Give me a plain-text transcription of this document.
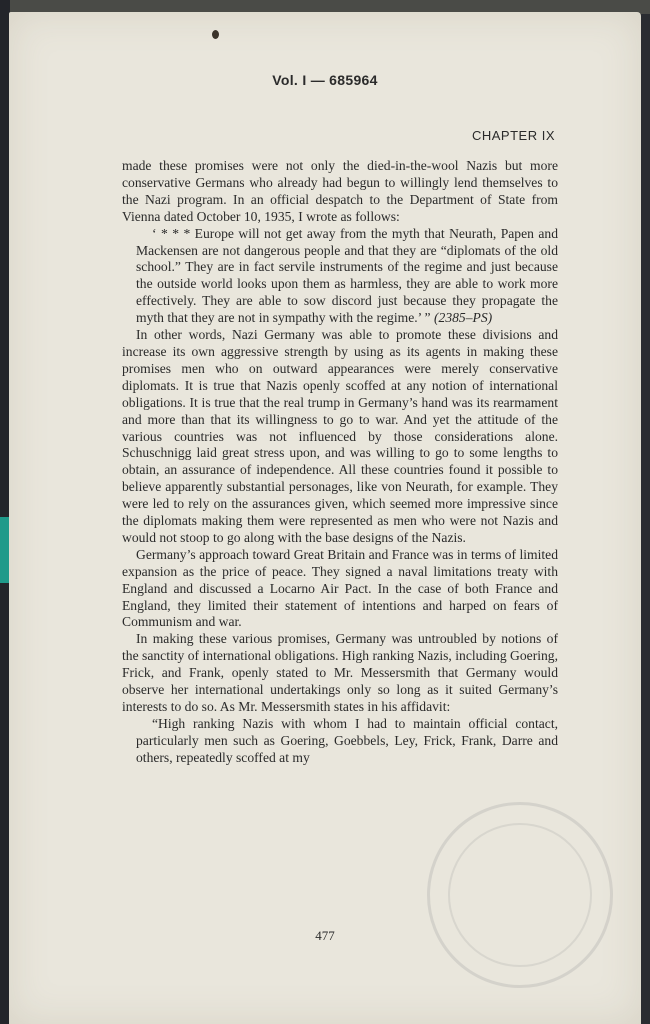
Vol. I — 685964
CHAPTER IX

made these promises were not only the died-in-the-wool Nazis but more conservative Germans who already had begun to willingly lend themselves to the Nazi program. In an official despatch to the Department of State from Vienna dated October 10, 1935, I wrote as follows:

‘ * * * Europe will not get away from the myth that Neurath, Papen and Mackensen are not dangerous people and that they are “diplomats of the old school.” They are in fact servile instruments of the regime and just because the outside world looks upon them as harmless, they are able to work more effectively. They are able to sow discord just because they propagate the myth that they are not in sympathy with the regime.’ ” (2385–PS)

In other words, Nazi Germany was able to promote these divisions and increase its own aggressive strength by using as its agents in making these promises men who on outward appearances were merely conservative diplomats. It is true that Nazis openly scoffed at any notion of international obligations. It is true that the real trump in Germany’s hand was its rearmament and more than that its willingness to go to war. And yet the attitude of the various countries was not influenced by those considerations alone. Schuschnigg laid great stress upon, and was willing to go to some lengths to obtain, an assurance of independence. All these countries found it possible to believe apparently substantial personages, like von Neurath, for example. They were led to rely on the assurances given, which seemed more impressive since the diplomats making them were represented as men who were not Nazis and would not stoop to go along with the base designs of the Nazis.

Germany’s approach toward Great Britain and France was in terms of limited expansion as the price of peace. They signed a naval limitations treaty with England and discussed a Locarno Air Pact. In the case of both France and England, they limited their statement of intentions and harped on fears of Communism and war.

In making these various promises, Germany was untroubled by notions of the sanctity of international obligations. High ranking Nazis, including Goering, Frick, and Frank, openly stated to Mr. Messersmith that Germany would observe her international undertakings only so long as it suited Germany’s interests to do so. As Mr. Messersmith states in his affidavit:

“High ranking Nazis with whom I had to maintain official contact, particularly men such as Goering, Goebbels, Ley, Frick, Frank, Darre and others, repeatedly scoffed at my

477
